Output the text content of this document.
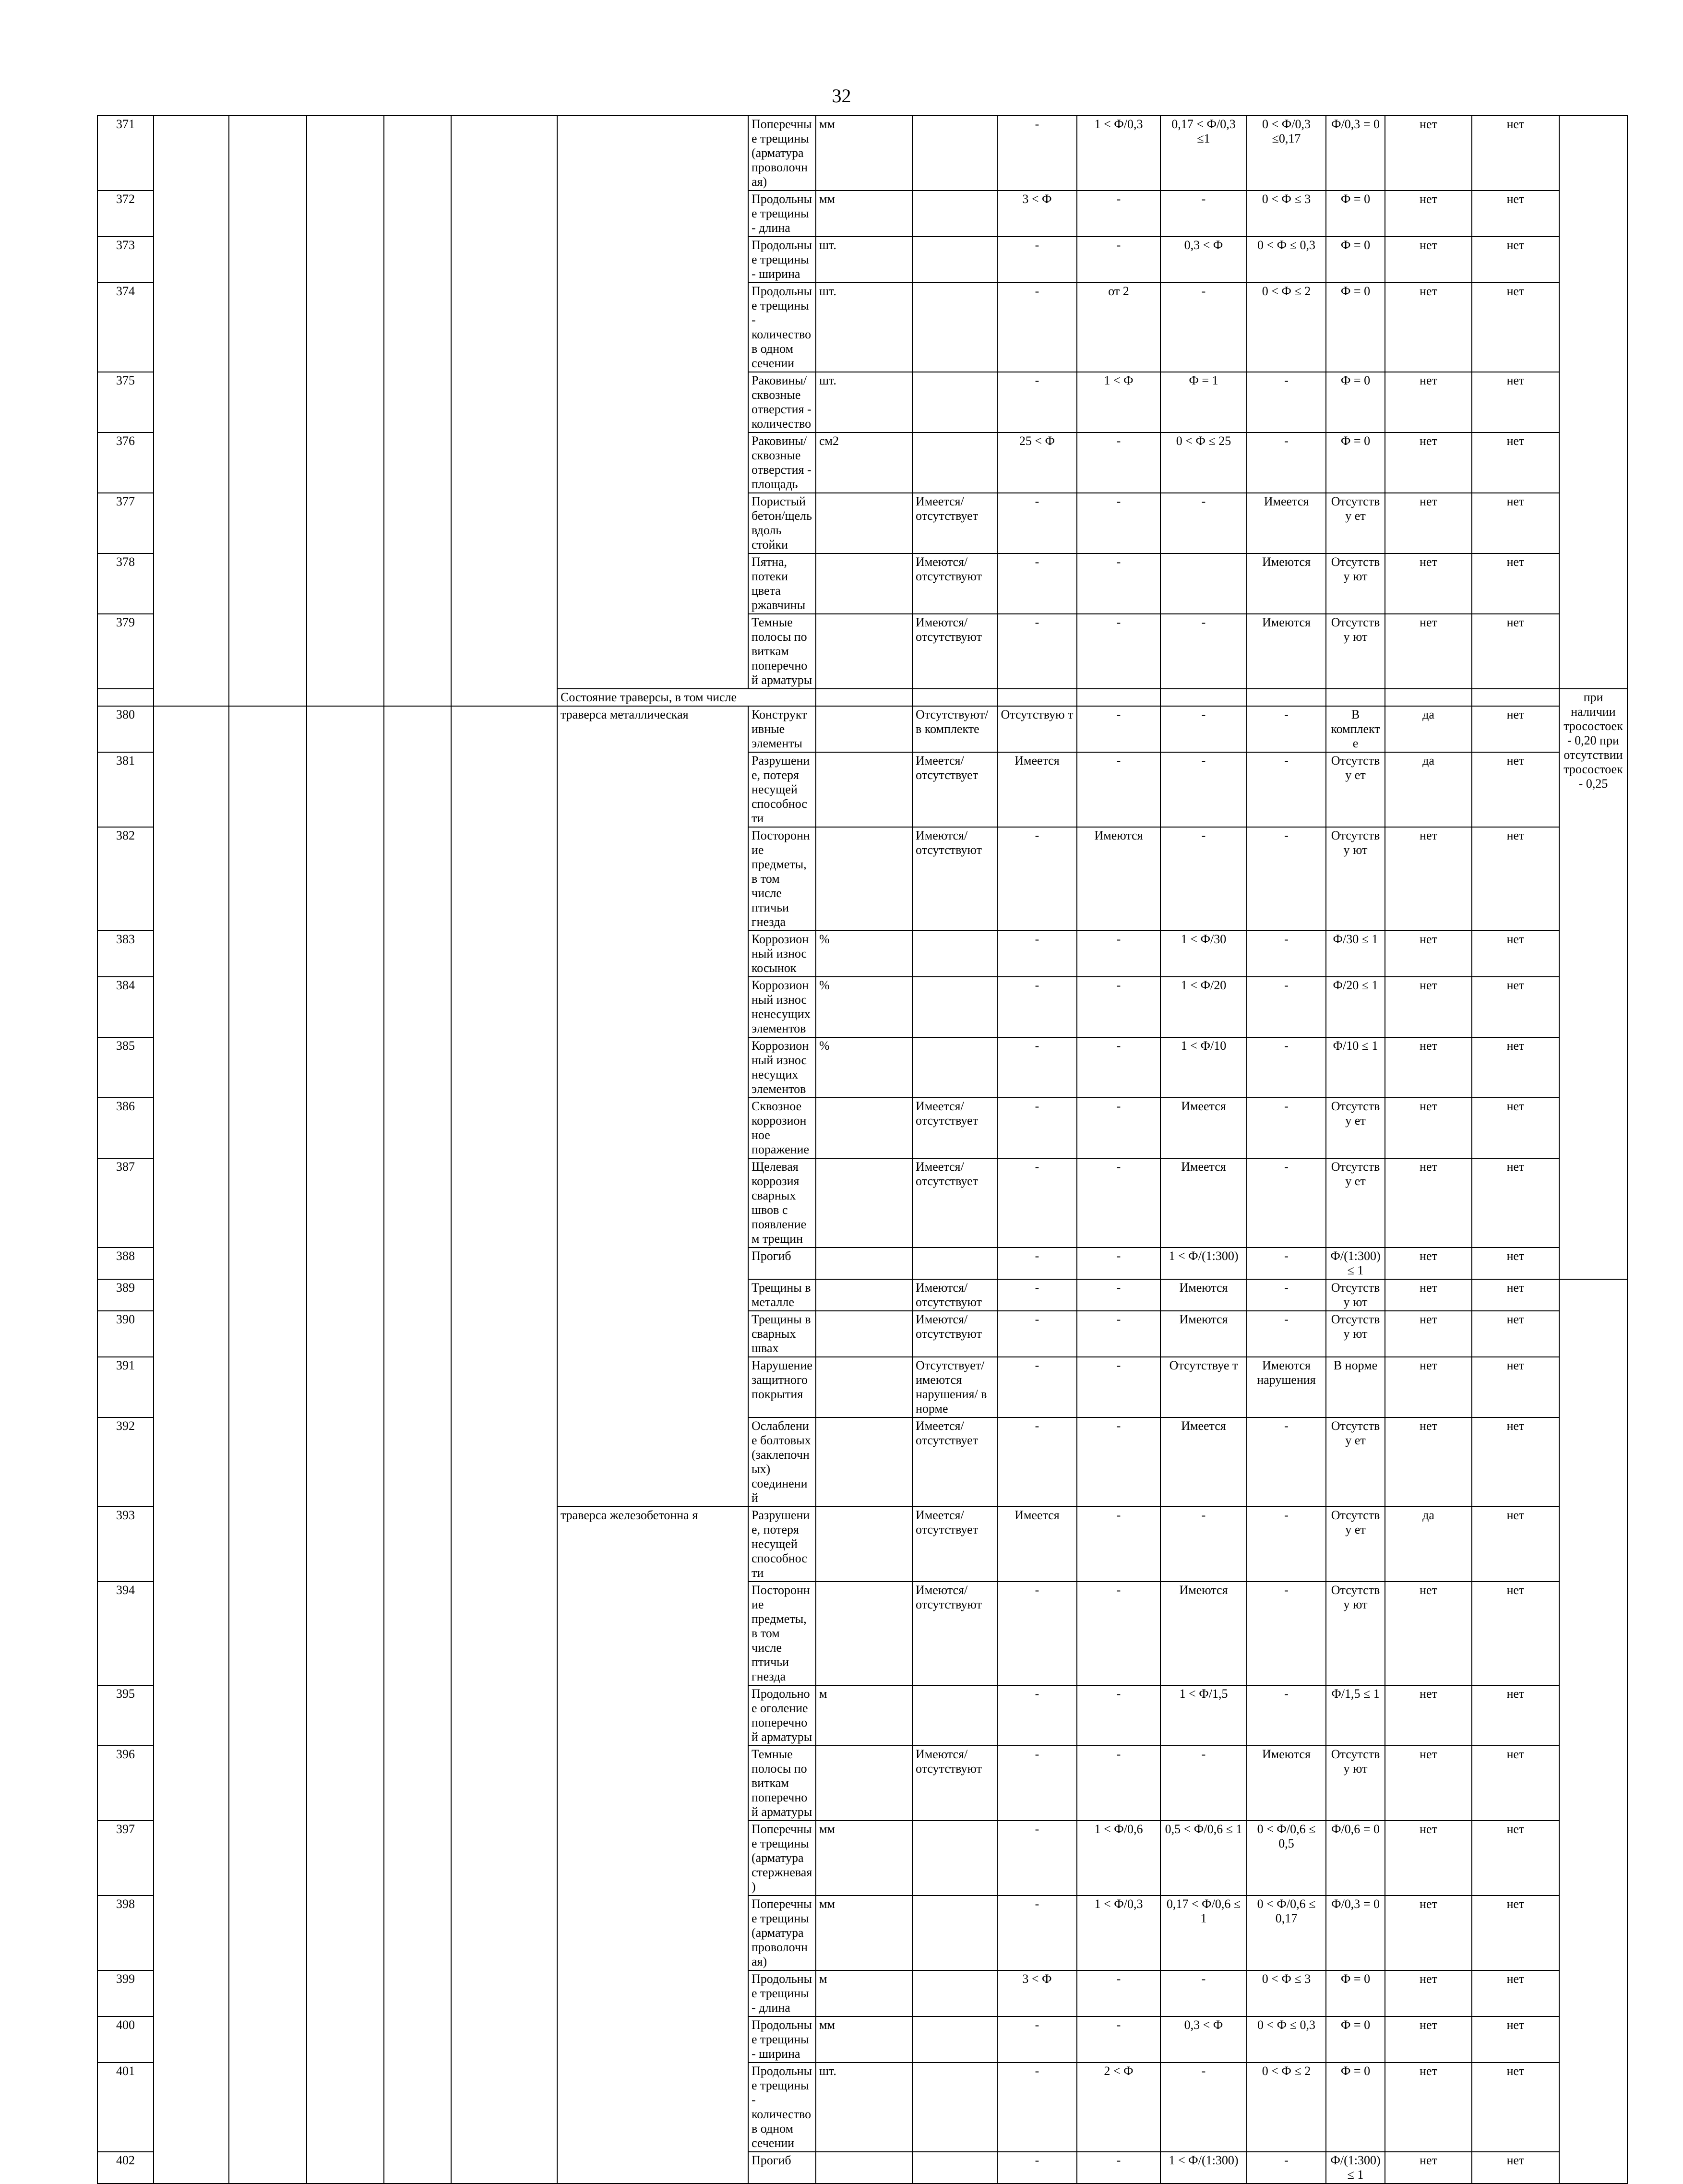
32
371							Поперечные трещины (арматура проволочная)	мм		-	1 < Ф/0,3	0,17 < Ф/0,3 ≤1	0 < Ф/0,3 ≤0,17	Ф/0,3 = 0	нет	нет		
372							Продольные трещины - длина	мм		3 < Ф	-	-	0 < Ф ≤ 3	Ф = 0	нет	нет		
373							Продольные трещины - ширина	шт.		-	-	0,3 < Ф	0 < Ф ≤ 0,3	Ф = 0	нет	нет		
374							Продольные трещины - количество в одном сечении	шт.		-	от 2	-	0 < Ф ≤ 2	Ф = 0	нет	нет		
375							Раковины/сквозные отверстия - количество	шт.		-	1 < Ф	Ф = 1	-	Ф = 0	нет	нет		
376							Раковины/сквозные отверстия - площадь	см2		25 < Ф	-	0 < Ф ≤ 25	-	Ф = 0	нет	нет		
377							Пористый бетон/щель вдоль стойки		Имеется/ отсутствует	-	-	-	Имеется	Отсутству ет	нет	нет		
378							Пятна, потеки цвета ржавчины		Имеются/ отсутствуют	-	-		Имеются	Отсутству ют	нет	нет		
379							Темные полосы по виткам поперечной арматуры		Имеются/ отсутствуют	-	-	-	Имеются	Отсутству ют	нет	нет		
						Состояние траверсы, в том числе											при наличии тросостоек - 0,20 при отсутствии тросостоек - 0,25	
380						траверса металлическая	Конструктивные элементы		Отсутствуют/ в комплекте	Отсутствую т	-	-	-	В комплекте	да	нет		
381							Разрушение, потеря несущей способности		Имеется/ отсутствует	Имеется	-	-	-	Отсутству ет	да	нет		
382							Посторонние предметы, в том числе птичьи гнезда		Имеются/ отсутствуют	-	Имеются	-	-	Отсутству ют	нет	нет		
383							Коррозионный износ косынок	%		-	-	1 < Ф/30	-	Ф/30 ≤ 1	нет	нет		
384							Коррозионный износ ненесущих элементов	%		-	-	1 < Ф/20	-	Ф/20 ≤ 1	нет	нет		
385							Коррозионный износ несущих элементов	%		-	-	1 < Ф/10	-	Ф/10 ≤ 1	нет	нет		
386							Сквозное коррозионное поражение		Имеется/ отсутствует	-	-	Имеется	-	Отсутству ет	нет	нет		
387							Щелевая коррозия сварных швов с появлением трещин		Имеется/ отсутствует	-	-	Имеется	-	Отсутству ет	нет	нет		
388							Прогиб			-	-	1 < Ф/(1:300)	-	Ф/(1:300) ≤ 1	нет	нет		
389							Трещины в металле		Имеются/ отсутствуют	-	-	Имеются	-	Отсутству ют	нет	нет		
390							Трещины в сварных швах		Имеются/ отсутствуют	-	-	Имеются	-	Отсутству ют	нет	нет		
391							Нарушение защитного покрытия		Отсутствует/ имеются нарушения/ в норме	-	-	Отсутствуе т	Имеются нарушения	В норме	нет	нет		
392							Ослабление болтовых (заклепочных) соединений		Имеется/ отсутствует	-	-	Имеется	-	Отсутству ет	нет	нет		
393						траверса железобетонна я	Разрушение, потеря несущей способности		Имеется/ отсутствует	Имеется	-	-	-	Отсутству ет	да	нет		
394							Посторонние предметы, в том числе птичьи гнезда		Имеются/ отсутствуют	-	-	Имеются	-	Отсутству ют	нет	нет		
395							Продольное оголение поперечной арматуры	м		-	-	1 < Ф/1,5	-	Ф/1,5 ≤ 1	нет	нет		
396							Темные полосы по виткам поперечной арматуры		Имеются/ отсутствуют	-	-	-	Имеются	Отсутству ют	нет	нет		
397							Поперечные трещины (арматура стержневая)	мм		-	1 < Ф/0,6	0,5 < Ф/0,6 ≤ 1	0 < Ф/0,6 ≤ 0,5	Ф/0,6 = 0	нет	нет		
398							Поперечные трещины (арматура проволочная)	мм		-	1 < Ф/0,3	0,17 < Ф/0,6 ≤ 1	0 < Ф/0,6 ≤ 0,17	Ф/0,3 = 0	нет	нет		
399							Продольные трещины - длина	м		3 < Ф	-	-	0 < Ф ≤ 3	Ф = 0	нет	нет		
400							Продольные трещины - ширина	мм		-	-	0,3 < Ф	0 < Ф ≤ 0,3	Ф = 0	нет	нет		
401							Продольные трещины - количество в одном сечении	шт.		-	2 < Ф	-	0 < Ф ≤ 2	Ф = 0	нет	нет		
402							Прогиб			-	-	1 < Ф/(1:300)	-	Ф/(1:300) ≤ 1	нет	нет		
